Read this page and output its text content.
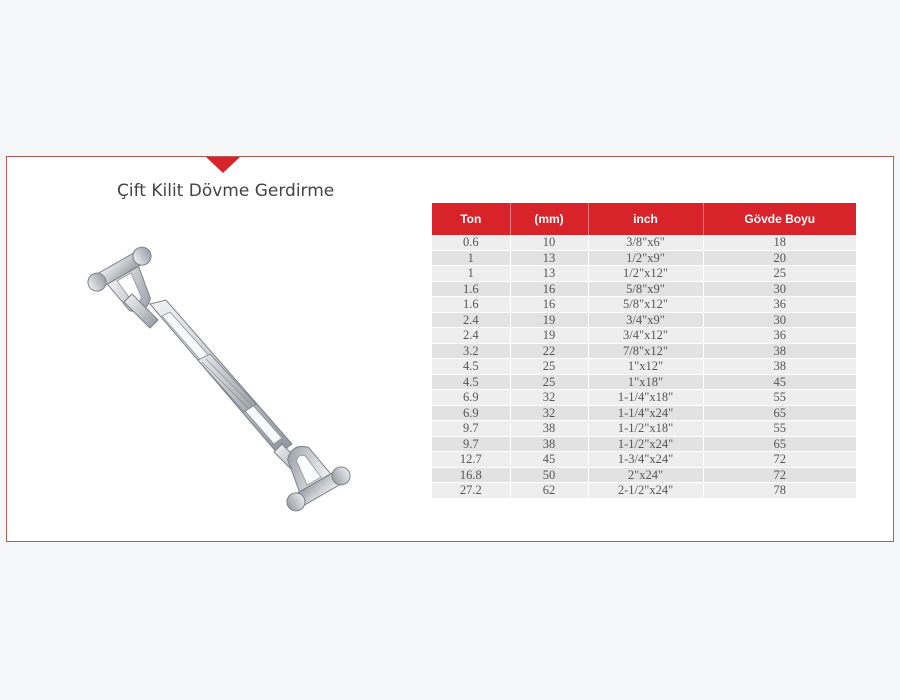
Çift Kilit Dövme Gerdirme
Ton	(mm)	inch	Gövde Boyu
0.6	10	3/8"x6"	18
1	13	1/2"x9"	20
1	13	1/2"x12"	25
1.6	16	5/8"x9"	30
1.6	16	5/8"x12"	36
2.4	19	3/4"x9"	30
2.4	19	3/4"x12"	36
3.2	22	7/8"x12"	38
4.5	25	1"x12"	38
4.5	25	1"x18"	45
6.9	32	1-1/4"x18"	55
6.9	32	1-1/4"x24"	65
9.7	38	1-1/2"x18"	55
9.7	38	1-1/2"x24"	65
12.7	45	1-3/4"x24"	72
16.8	50	2"x24"	72
27.2	62	2-1/2"x24"	78
